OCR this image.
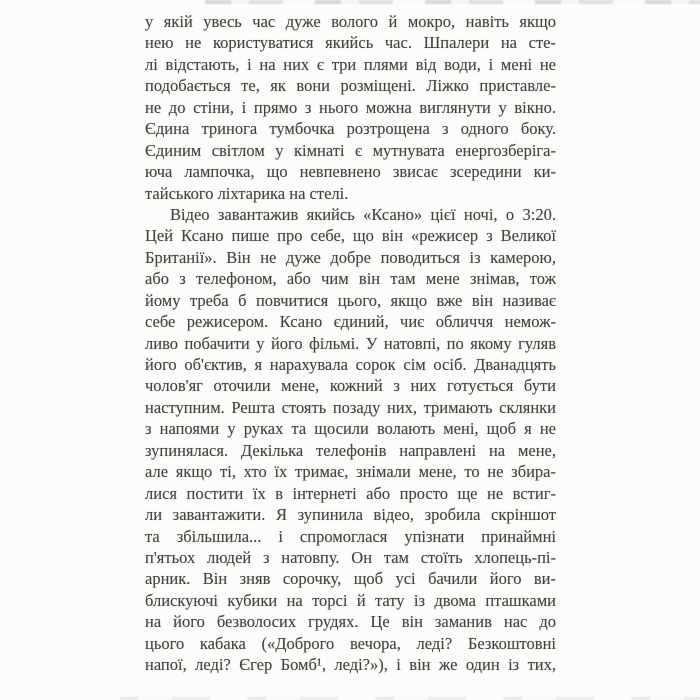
у якій увесь час дуже волого й мокро, навіть якщо
нею не користуватися якийсь час. Шпалери на сте-
лі відстають, і на них є три плями від води, і мені не
подобається те, як вони розміщені. Ліжко приставле-
не до стіни, і прямо з нього можна виглянути у вікно.
Єдина тринога тумбочка розтрощена з одного боку.
Єдиним світлом у кімнаті є мутнувата енергозберіга-
юча лампочка, що невпевнено звисає зсередини ки-
тайського ліхтарика на стелі.
Відео завантажив якийсь «Ксано» цієї ночі, о 3:20.
Цей Ксано пише про себе, що він «режисер з Великої
Британії». Він не дуже добре поводиться із камерою,
або з телефоном, або чим він там мене знімав, тож
йому треба б повчитися цього, якщо вже він називає
себе режисером. Ксано єдиний, чиє обличчя немож-
ливо побачити у його фільмі. У натовпі, по якому гуляв
його об'єктив, я нарахувала сорок сім осіб. Дванадцять
чолов'яг оточили мене, кожний з них готується бути
наступним. Решта стоять позаду них, тримають склянки
з напоями у руках та щосили волають мені, щоб я не
зупинялася. Декілька телефонів направлені на мене,
але якщо ті, хто їх тримає, знімали мене, то не збира-
лися постити їх в інтернеті або просто ще не встиг-
ли завантажити. Я зупинила відео, зробила скріншот
та збільшила... і спромоглася упізнати принаймні
п'ятьох людей з натовпу. Он там стоїть хлопець-пі-
арник. Він зняв сорочку, щоб усі бачили його ви-
блискуючі кубики на торсі й тату із двома пташками
на його безволосих грудях. Це він заманив нас до
цього кабака («Доброго вечора, леді? Безкоштовні
напої, леді? Єгер Бомб¹, леді?»), і він же один із тих,
